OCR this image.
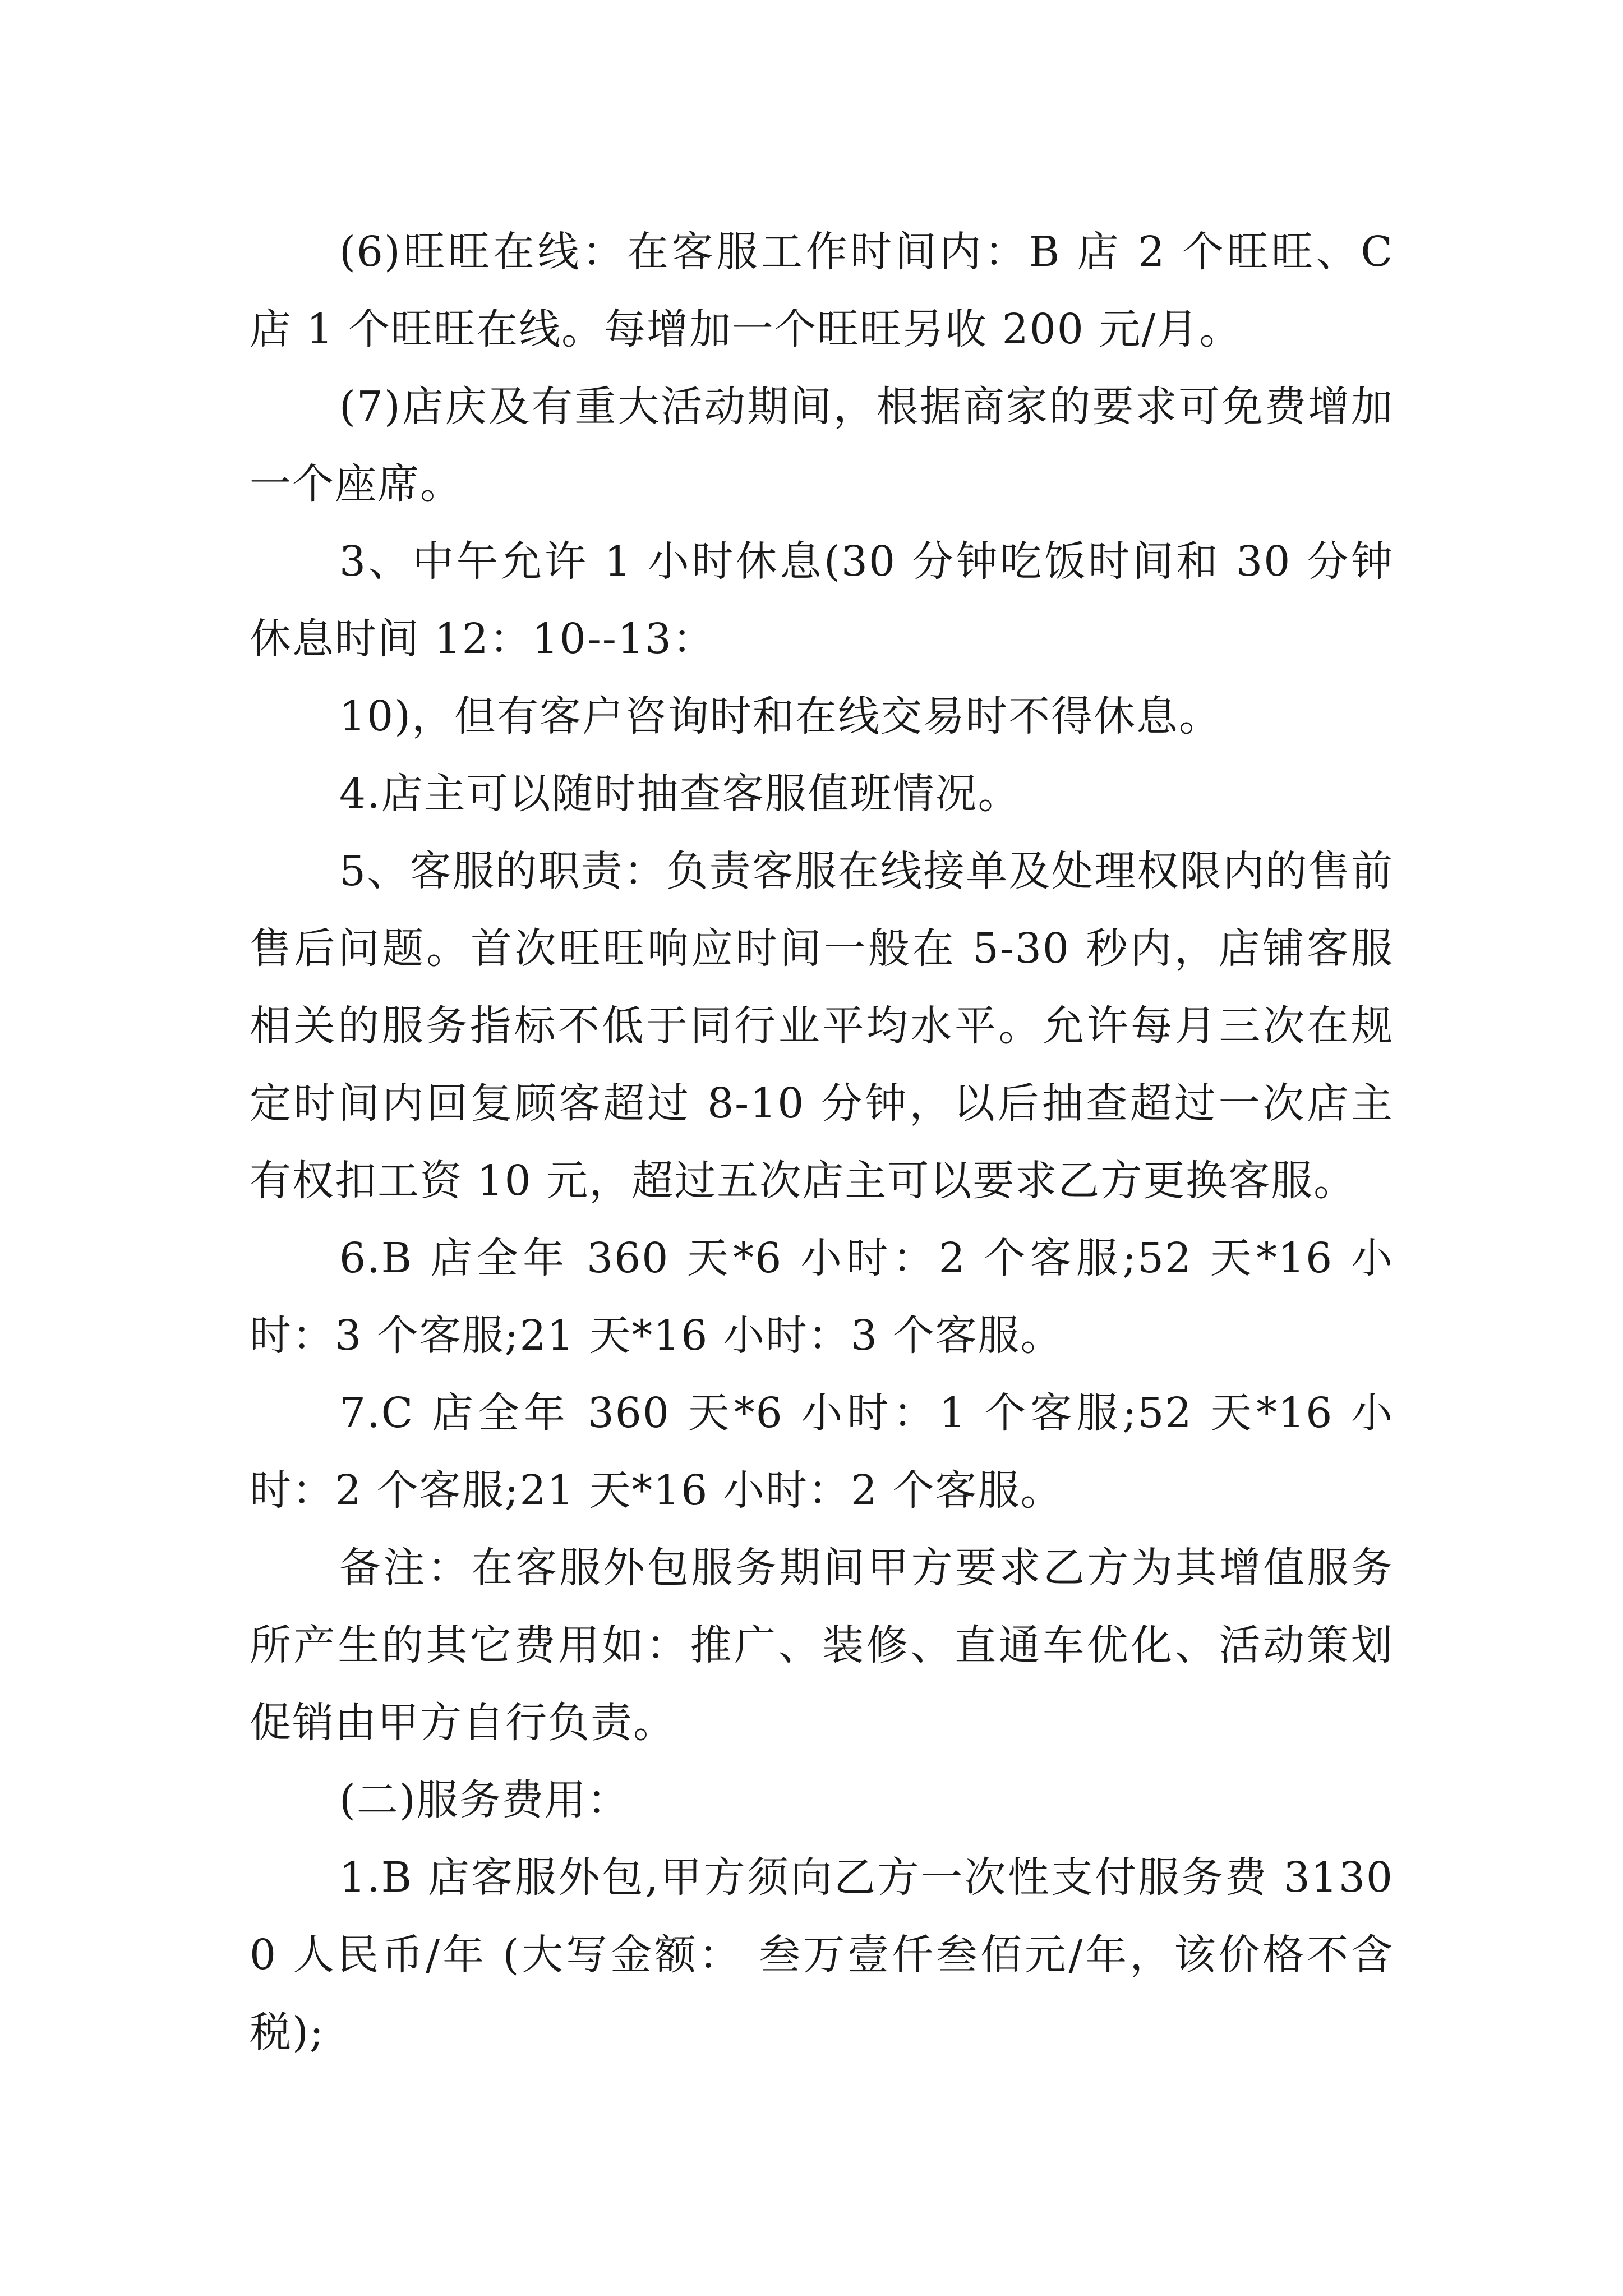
(6)旺旺在线：在客服工作时间内：B 店 2 个旺旺、C 店 1 个旺旺在线。每增加一个旺旺另收 200 元/月。

(7)店庆及有重大活动期间，根据商家的要求可免费增加一个座席。

3、中午允许 1 小时休息(30 分钟吃饭时间和 30 分钟休息时间 12：10--13：

10)，但有客户咨询时和在线交易时不得休息。

4.店主可以随时抽查客服值班情况。

5、客服的职责：负责客服在线接单及处理权限内的售前售后问题。首次旺旺响应时间一般在 5-30 秒内，店铺客服相关的服务指标不低于同行业平均水平。允许每月三次在规定时间内回复顾客超过 8-10 分钟，以后抽查超过一次店主有权扣工资 10 元，超过五次店主可以要求乙方更换客服。

6.B 店全年 360 天*6 小时：2 个客服;52 天*16 小时：3 个客服;21 天*16 小时：3 个客服。

7.C 店全年 360 天*6 小时：1 个客服;52 天*16 小时：2 个客服;21 天*16 小时：2 个客服。

备注：在客服外包服务期间甲方要求乙方为其增值服务所产生的其它费用如：推广、装修、直通车优化、活动策划促销由甲方自行负责。

(二)服务费用：

1.B 店客服外包,甲方须向乙方一次性支付服务费 31300 人民币/年 (大写金额： 叁万壹仟叁佰元/年，该价格不含税);
